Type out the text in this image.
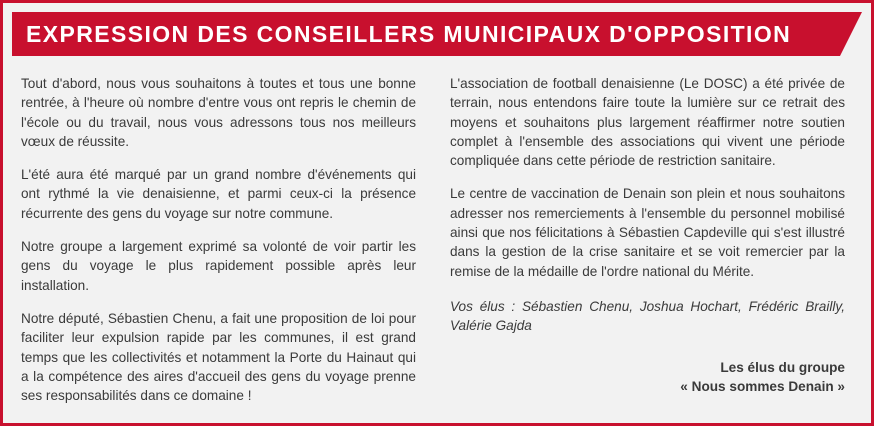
EXPRESSION DES CONSEILLERS MUNICIPAUX D'OPPOSITION

Tout d'abord, nous vous souhaitons à toutes et tous une bonne rentrée, à l'heure où nombre d'entre vous ont repris le chemin de l'école ou du travail, nous vous adressons tous nos meilleurs vœux de réussite.

L'été aura été marqué par un grand nombre d'événements qui ont rythmé la vie denaisienne, et parmi ceux-ci la présence récurrente des gens du voyage sur notre commune.

Notre groupe a largement exprimé sa volonté de voir partir les gens du voyage le plus rapidement possible après leur installation.

Notre député, Sébastien Chenu, a fait une proposition de loi pour faciliter leur expulsion rapide par les communes, il est grand temps que les collectivités et notamment la Porte du Hainaut qui a la compétence des aires d'accueil des gens du voyage prenne ses responsabilités dans ce domaine !

L'association de football denaisienne (Le DOSC) a été privée de terrain, nous entendons faire toute la lumière sur ce retrait des moyens et souhaitons plus largement réaffirmer notre soutien complet à l'ensemble des associations qui vivent une période compliquée dans cette période de restriction sanitaire.

Le centre de vaccination de Denain son plein et nous souhaitons adresser nos remerciements à l'ensemble du personnel mobilisé ainsi que nos félicitations à Sébastien Capdeville qui s'est illustré dans la gestion de la crise sanitaire et se voit remercier par la remise de la médaille de l'ordre national du Mérite.

Vos élus : Sébastien Chenu, Joshua Hochart, Frédéric Brailly, Valérie Gajda

Les élus du groupe
« Nous sommes Denain »
